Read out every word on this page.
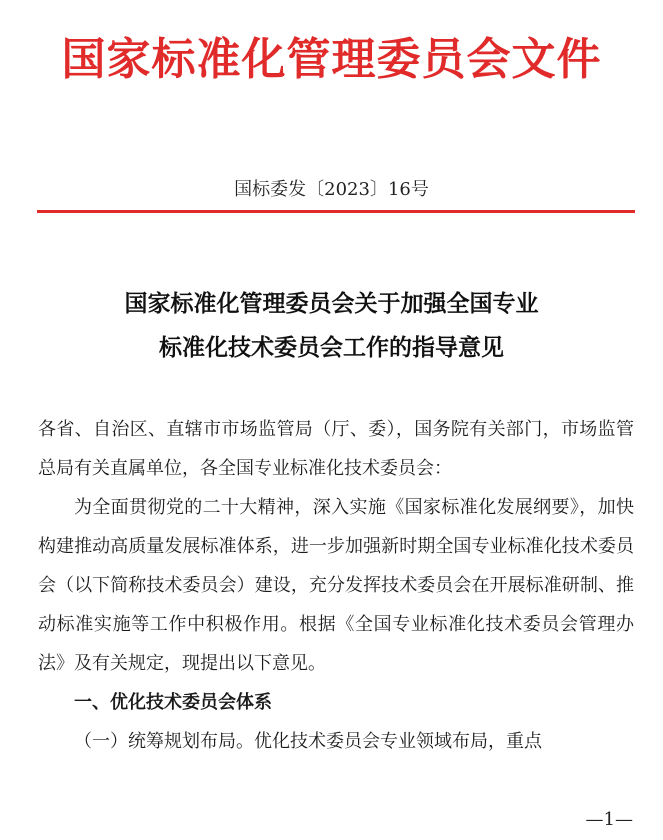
国家标准化管理委员会文件
国标委发〔2023〕16号
国家标准化管理委员会关于加强全国专业
标准化技术委员会工作的指导意见

各省、自治区、直辖市市场监管局（厅、委），国务院有关部门，市场监管总局有关直属单位，各全国专业标准化技术委员会：

为全面贯彻党的二十大精神，深入实施《国家标准化发展纲要》，加快构建推动高质量发展标准体系，进一步加强新时期全国专业标准化技术委员会（以下简称技术委员会）建设，充分发挥技术委员会在开展标准研制、推动标准实施等工作中积极作用。根据《全国专业标准化技术委员会管理办法》及有关规定，现提出以下意见。

一、优化技术委员会体系

（一）统筹规划布局。优化技术委员会专业领域布局，重点

—1—
